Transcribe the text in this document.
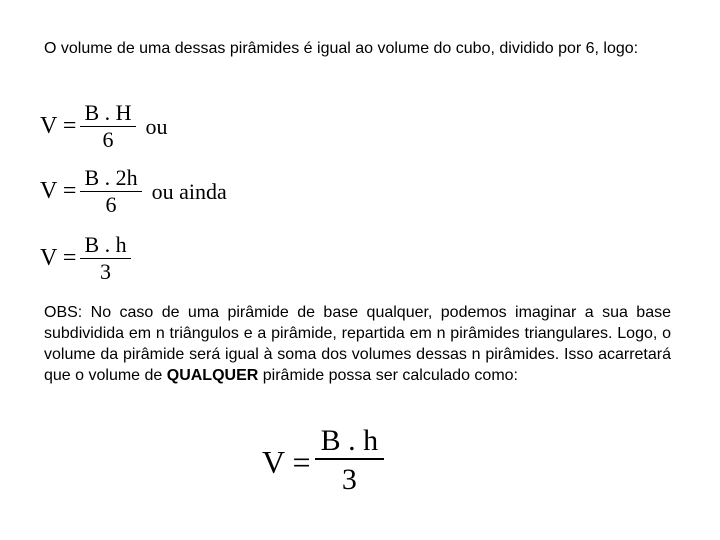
O volume de uma dessas pirâmides é igual ao volume do cubo, dividido por 6, logo:

$V = \frac{B . H}{6}$ ou
$V = \frac{B . 2h}{6}$ ou ainda
$V = \frac{B . h}{3}$

OBS: No caso de uma pirâmide de base qualquer, podemos imaginar a sua base subdividida em n triângulos e a pirâmide, repartida em n pirâmides triangulares. Logo, o volume da pirâmide será igual à soma dos volumes dessas n pirâmides. Isso acarretará que o volume de QUALQUER pirâmide possa ser calculado como:

$V = \frac{B . h}{3}$
